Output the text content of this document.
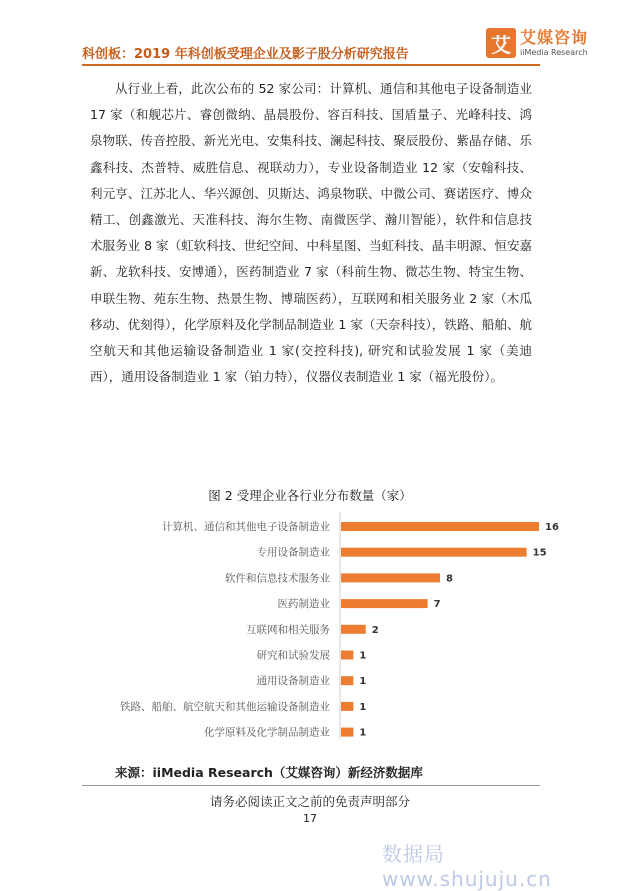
科创板：2019 年科创板受理企业及影子股分析研究报告	艾 艾媒咨询
iiMedia Research

从行业上看，此次公布的 52 家公司：计算机、通信和其他电子设备制造业 17 家（和舰芯片、睿创微纳、晶晨股份、容百科技、国盾量子、光峰科技、鸿泉物联、传音控股、新光光电、安集科技、澜起科技、聚辰股份、紫晶存储、乐鑫科技、杰普特、威胜信息、视联动力），专业设备制造业 12 家（安翰科技、利元亨、江苏北人、华兴源创、贝斯达、鸿泉物联、中微公司、赛诺医疗、博众精工、创鑫激光、天准科技、海尔生物、南微医学、瀚川智能），软件和信息技术服务业 8 家（虹软科技、世纪空间、中科星图、当虹科技、晶丰明源、恒安嘉新、龙软科技、安博通），医药制造业 7 家（科前生物、微芯生物、特宝生物、申联生物、苑东生物、热景生物、博瑞医药），互联网和相关服务业 2 家（木瓜移动、优刻得），化学原料及化学制品制造业 1 家（天奈科技），铁路、船舶、航空航天和其他运输设备制造业 1 家(交控科技), 研究和试验发展 1 家（美迪西），通用设备制造业 1 家（铂力特），仪器仪表制造业 1 家（福光股份）。

图 2 受理企业各行业分布数量（家）
计算机、通信和其他电子设备制造业	16
专用设备制造业	15
软件和信息技术服务业	8
医药制造业	7
互联网和相关服务	2
研究和试验发展	1
通用设备制造业	1
铁路、船舶、航空航天和其他运输设备制造业	1
化学原料及化学制品制造业	1
来源：iiMedia Research（艾媒咨询）新经济数据库
请务必阅读正文之前的免责声明部分
17
数据局 www.shujuju.cn
